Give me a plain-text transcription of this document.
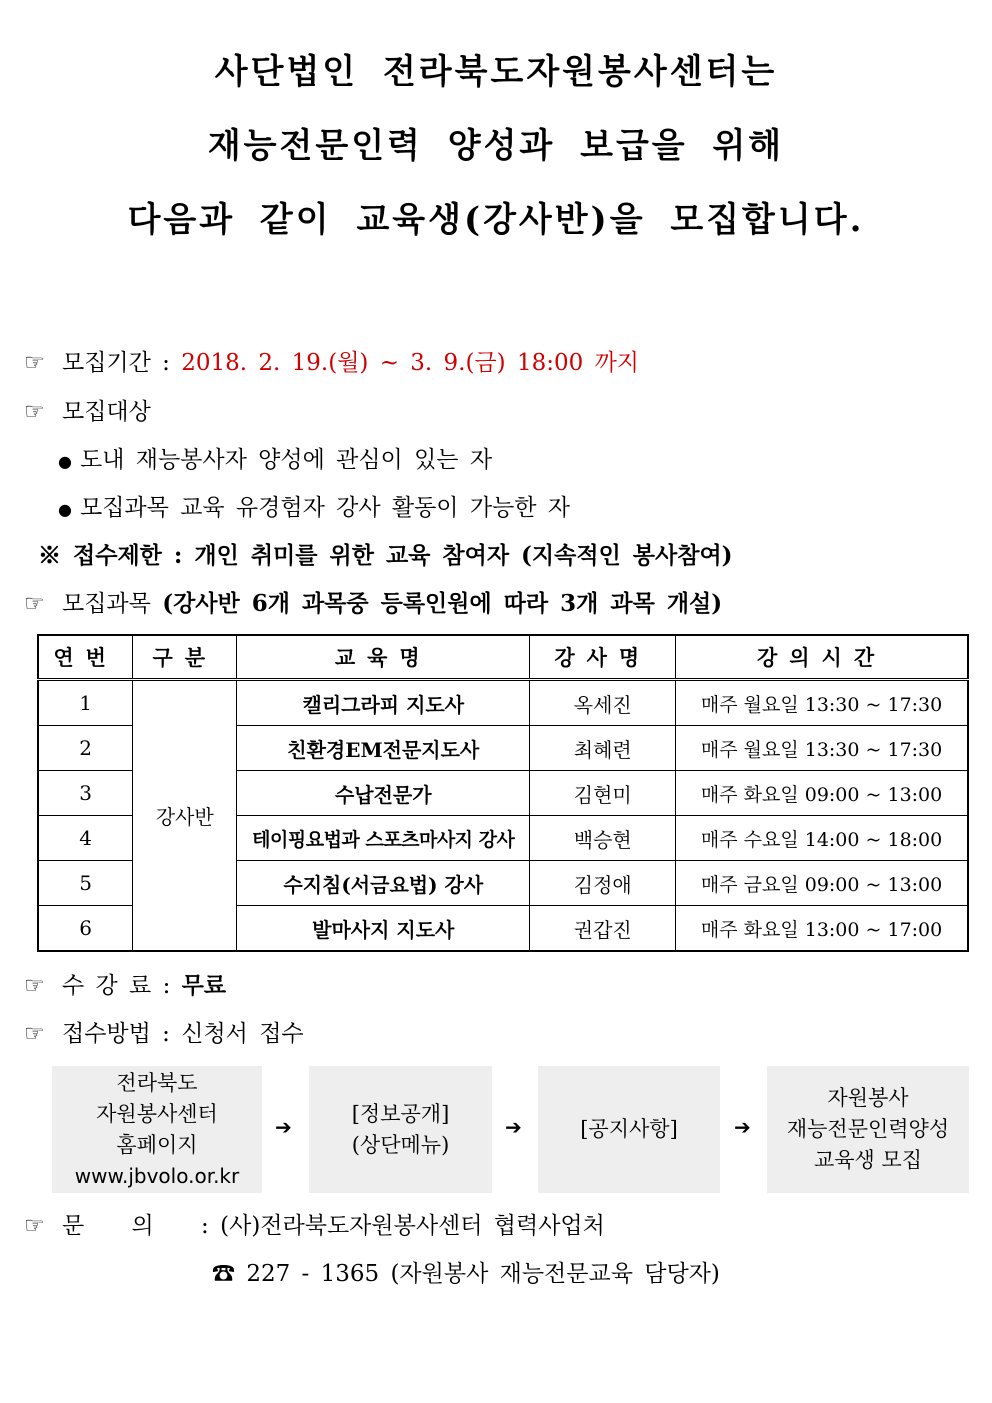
사단법인 전라북도자원봉사센터는
재능전문인력 양성과 보급을 위해
다음과 같이 교육생(강사반)을 모집합니다.
☞ 모집기간 : 2018. 2. 19.(월) ~ 3. 9.(금) 18:00 까지
☞ 모집대상
● 도내 재능봉사자 양성에 관심이 있는 자
● 모집과목 교육 유경험자 강사 활동이 가능한 자
※ 접수제한 : 개인 취미를 위한 교육 참여자 (지속적인 봉사참여)
☞ 모집과목 (강사반 6개 과목중 등록인원에 따라 3개 과목 개설)
연번	구분	교육명	강사명	강의시간
1	강사반	캘리그라피 지도사	옥세진	매주 월요일 13:30 ~ 17:30
2		친환경EM전문지도사	최혜련	매주 월요일 13:30 ~ 17:30
3		수납전문가	김현미	매주 화요일 09:00 ~ 13:00
4		테이핑요법과 스포츠마사지 강사	백승현	매주 수요일 14:00 ~ 18:00
5		수지침(서금요법) 강사	김정애	매주 금요일 09:00 ~ 13:00
6		발마사지 지도사	권갑진	매주 화요일 13:00 ~ 17:00
☞ 수 강 료 : 무료
☞ 접수방법 : 신청서 접수
전라북도
자원봉사센터
홈페이지
www.jbvolo.or.kr
➔
[정보공개]
(상단메뉴)
➔	[공지사항]	➔
자원봉사
재능전문인력양성
교육생 모집
☞ 문 의 : (사)전라북도자원봉사센터 협력사업처
☎ 227 - 1365 (자원봉사 재능전문교육 담당자)
